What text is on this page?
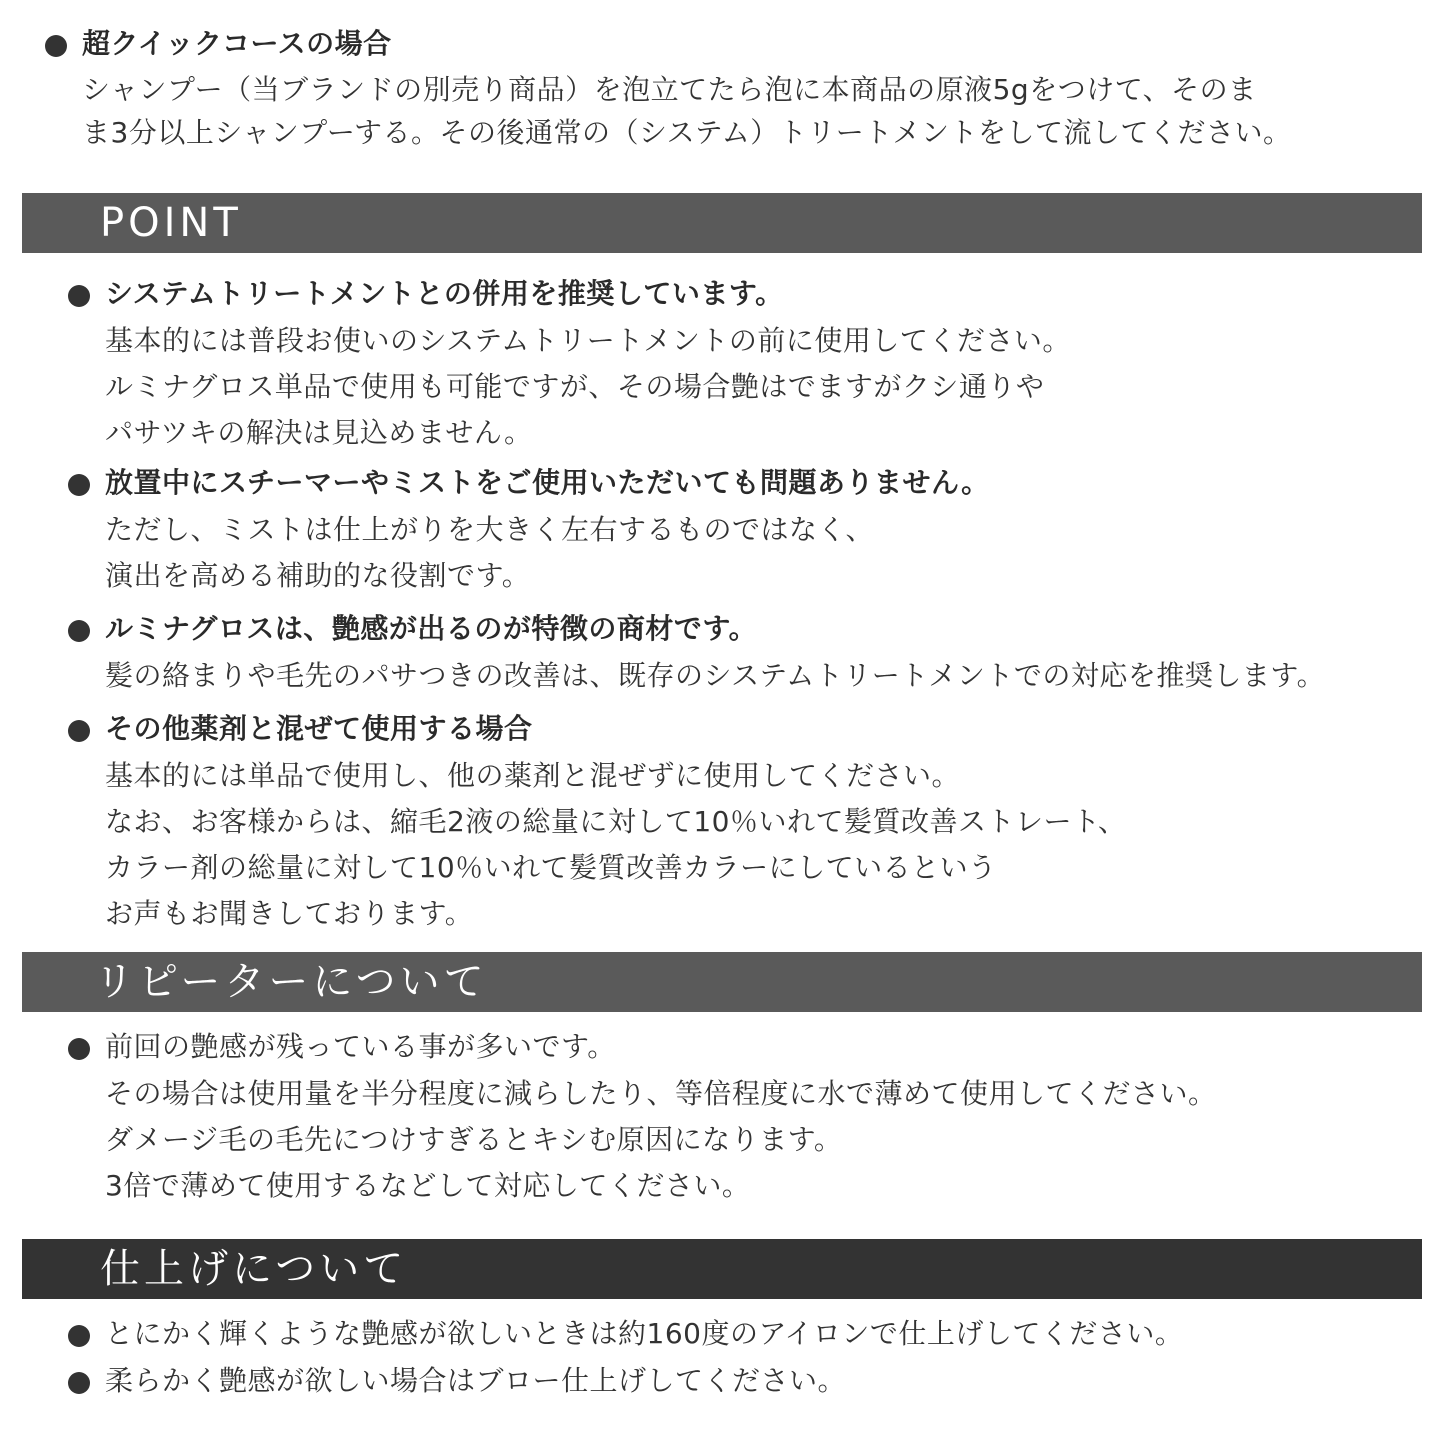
超クイックコースの場合
シャンプー（当ブランドの別売り商品）を泡立てたら泡に本商品の原液5gをつけて、そのま
ま3分以上シャンプーする。その後通常の（システム）トリートメントをして流してください。
POINT
システムトリートメントとの併用を推奨しています。
基本的には普段お使いのシステムトリートメントの前に使用してください。
ルミナグロス単品で使用も可能ですが、その場合艶はでますがクシ通りや
パサツキの解決は見込めません。
放置中にスチーマーやミストをご使用いただいても問題ありません。
ただし、ミストは仕上がりを大きく左右するものではなく、
演出を高める補助的な役割です。
ルミナグロスは、艶感が出るのが特徴の商材です。
髪の絡まりや毛先のパサつきの改善は、既存のシステムトリートメントでの対応を推奨します。
その他薬剤と混ぜて使用する場合
基本的には単品で使用し、他の薬剤と混ぜずに使用してください。
なお、お客様からは、縮毛2液の総量に対して10％いれて髪質改善ストレート、
カラー剤の総量に対して10％いれて髪質改善カラーにしているという
お声もお聞きしております。
リピーターについて
前回の艶感が残っている事が多いです。
その場合は使用量を半分程度に減らしたり、等倍程度に水で薄めて使用してください。
ダメージ毛の毛先につけすぎるとキシむ原因になります。
3倍で薄めて使用するなどして対応してください。
仕上げについて
とにかく輝くような艶感が欲しいときは約160度のアイロンで仕上げしてください。
柔らかく艶感が欲しい場合はブロー仕上げしてください。
